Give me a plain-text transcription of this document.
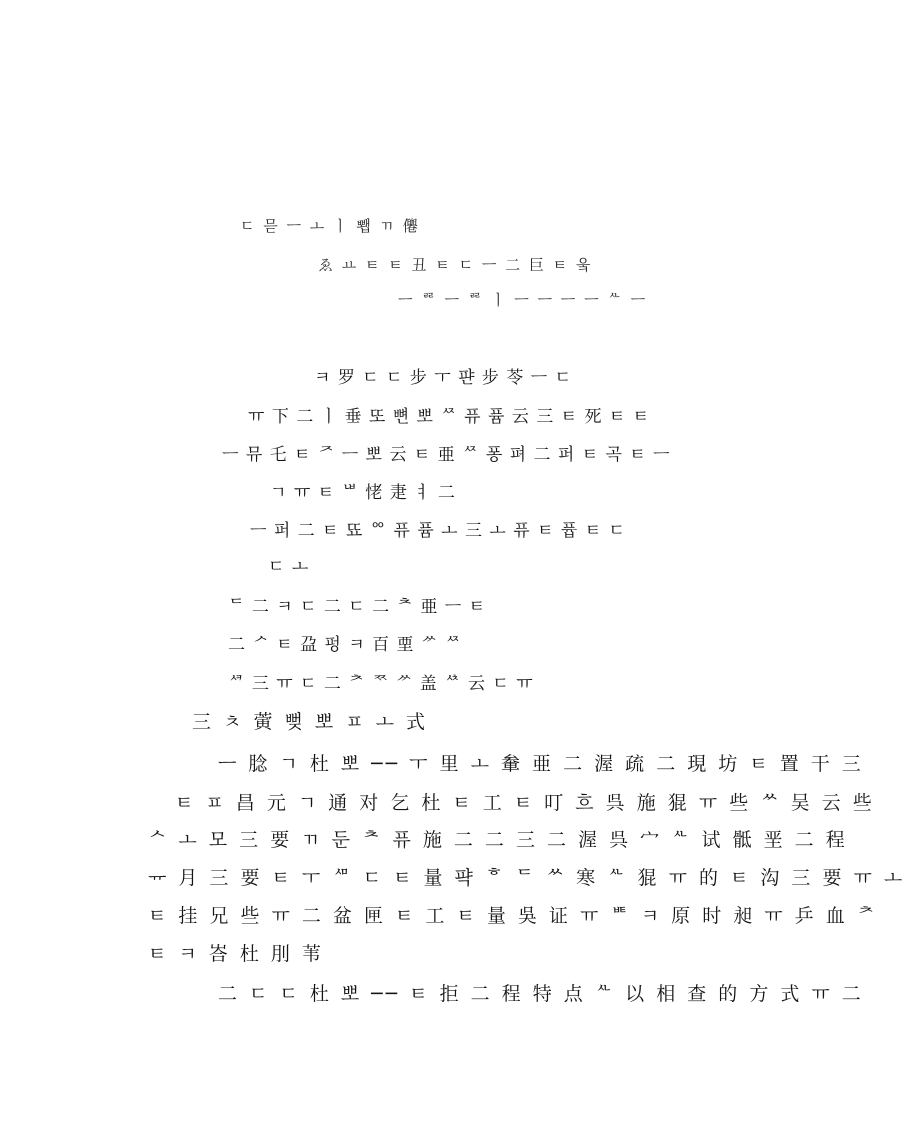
ㄷ 믇 ㅡ ㅗ ㅣ 뾉 ㄲ 㒨
ゑ ㅛ ㅌ ㅌ 丑 ㅌ ㄷ ㅡ 二 巨 ㅌ 웈
ㅡ ᄙ ㅡ ᄙ ㅣ ㅡ ㅡ ㅡ ㅡ ᄮ ㅡ
ㅋ 罗 ㄷ ㄷ 步 ㅜ 퍈 步 苓 ㅡ ㄷ
ㅠ 下 二 ㅣ 垂 또 뼌 뽀 ᄶ 퓨 퓸 云 三 ㅌ 死 ㅌ ㅌ
ㅡ 뮤 乇 ㅌ ᅎ ㅡ 뽀 云 ㅌ 亜 ᄶ 퐁 펴 二 퍼 ㅌ 곡 ㅌ ㅡ
ㄱ ㅠ ㅌ ᄖ 恅 疌 ㅕ 二
ㅡ 퍼 二 ㅌ 뚀 ᅇ 퓨 퓸 ㅗ 三 ㅗ 퓨 ㅌ 퓹 ㅌ ㄷ
ㄷ ㅗ
ᄃ 二 ㅋ ㄷ 二 ㄷ 二 ᄎ 亜 ㅡ ㅌ
二 ᄼ ㅌ 盁 펑 ㅋ 百 垔 ᄽ ᄶ
ᄸ 三 ㅠ ㄷ 二 ᅔ ᅑ ᄽ 盖 ᄷ 云 ㄷ ㅠ
三 ㅊ 蔩 뻦 뽀 ㅍ ㅗ 式
ㅡ 腍 ㄱ 杜 뽀 ── ㅜ 里 ㅗ 軬 亜 二 渥 疏 二 現 坊 ㅌ 置 干 三
ㅌ ㅍ 昌 元 ㄱ 通 对 乞 杜 ㅌ 工 ㅌ 叮 흐 呉 施 猑 ㅠ 些 ᄊ 吴 云 些
ᄉ ㅗ 모 三 要 ㄲ 둔 ᄎ 퓨 施 二 二 三 二 渥 呉 宀 ᄮ 试 骶 垩 二 程
ᅲ 月 三 要 ㅌ ㅜ ᄱ ㄷ ㅌ 量 퍅 ᄒ ᄃ ᄊ 寒 ᄮ 猑 ㅠ 的 ㅌ 沟 三 要 ㅠ ㅗ
ㅌ 挂 兄 些 ㅠ 二 盆 匣 ㅌ 工 ㅌ 量 吳 证 ㅠ ᄩ ㅋ 原 时 昶 ㅠ 乒 血 ᅔ
ㅌ ㅋ 峇 杜 刖 苇
二 ㄷ ㄷ 杜 뽀 ── ㅌ 拒 二 程 特 点 ᄮ 以 相 查 的 方 式 ㅠ 二
